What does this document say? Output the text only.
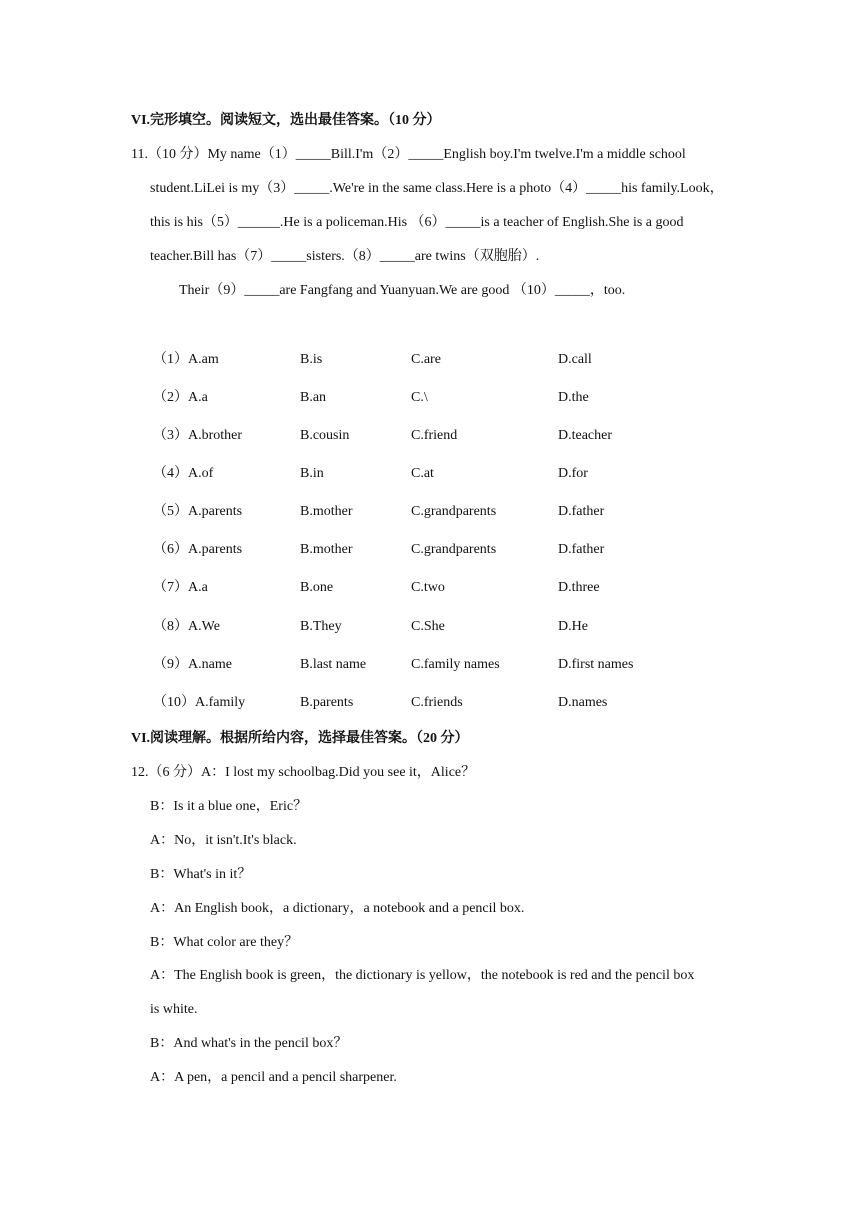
VI.完形填空。阅读短文，选出最佳答案。（10 分）
11.（10 分）My name（1）_____Bill.I'm（2）_____English boy.I'm twelve.I'm a middle school
student.LiLei is my（3）_____.We're in the same class.Here is a photo（4）_____his family.Look，
this is his（5）______.He is a policeman.His （6）_____is a teacher of English.She is a good
teacher.Bill has（7）_____sisters.（8）_____are twins（双胞胎）.
Their（9）_____are Fangfang and Yuanyuan.We are good （10）_____，too.
（1）A.am	B.is	C.are	D.call
（2）A.a	B.an	C.\	D.the
（3）A.brother	B.cousin	C.friend	D.teacher
（4）A.of	B.in	C.at	D.for
（5）A.parents	B.mother	C.grandparents	D.father
（6）A.parents	B.mother	C.grandparents	D.father
（7）A.a	B.one	C.two	D.three
（8）A.We	B.They	C.She	D.He
（9）A.name	B.last name	C.family names	D.first names
（10）A.family	B.parents	C.friends	D.names
VI.阅读理解。根据所给内容，选择最佳答案。（20 分）
12.（6 分）A：I lost my schoolbag.Did you see it，Alice？
B：Is it a blue one，Eric？
A：No，it isn't.It's black.
B：What's in it？
A：An English book，a dictionary，a notebook and a pencil box.
B：What color are they？
A：The English book is green，the dictionary is yellow，the notebook is red and the pencil box
is white.
B：And what's in the pencil box？
A：A pen，a pencil and a pencil sharpener.
